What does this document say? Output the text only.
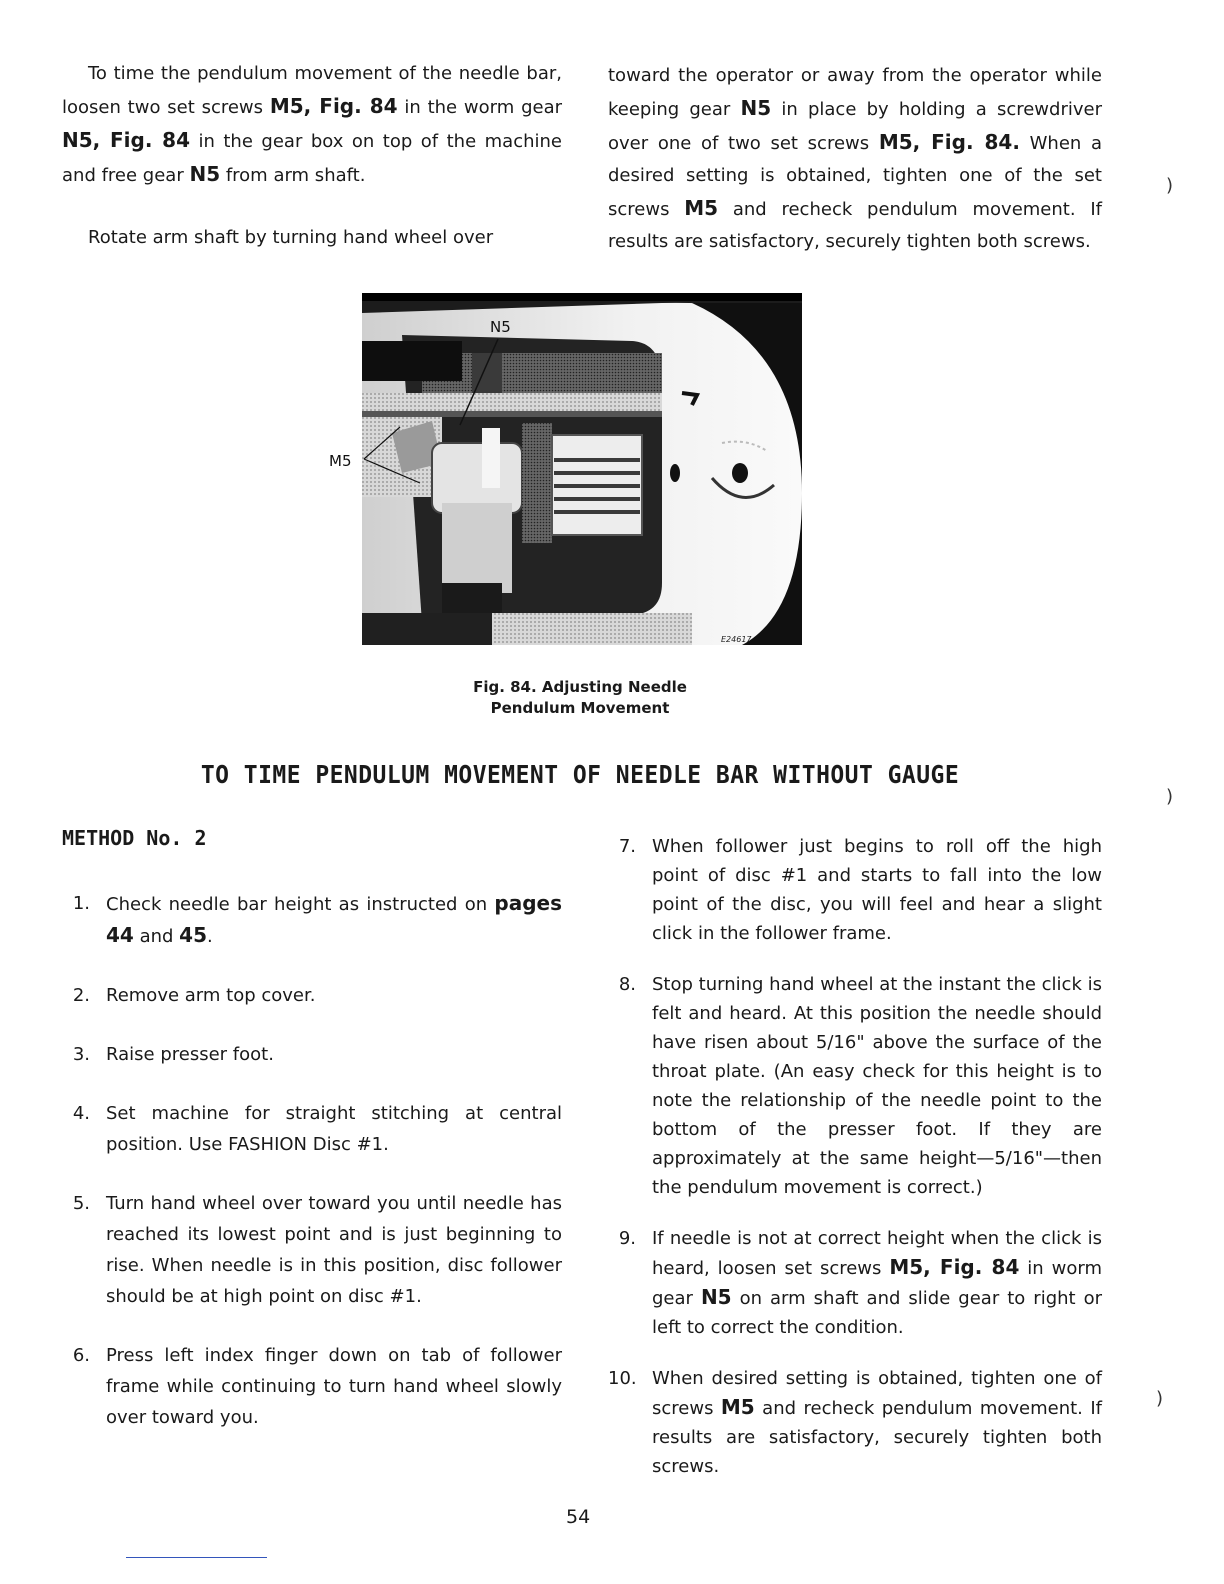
To time the pendulum movement of the needle bar, loosen two set screws M5, Fig. 84 in the worm gear N5, Fig. 84 in the gear box on top of the machine and free gear N5 from arm shaft.

Rotate arm shaft by turning hand wheel over

toward the operator or away from the operator while keeping gear N5 in place by holding a screwdriver over one of two set screws M5, Fig. 84. When a desired setting is obtained, tighten one of the set screws M5 and recheck pendulum movement. If results are satisfactory, securely tighten both screws.

N5
M5
E24617
Fig. 84. Adjusting Needle
Pendulum Movement
TO TIME PENDULUM MOVEMENT OF NEEDLE BAR WITHOUT GAUGE
METHOD No. 2
1. Check needle bar height as instructed on pages 44 and 45.
2. Remove arm top cover.
3. Raise presser foot.
4. Set machine for straight stitching at central position. Use FASHION Disc #1.
5. Turn hand wheel over toward you until needle has reached its lowest point and is just beginning to rise. When needle is in this position, disc follower should be at high point on disc #1.
6. Press left index finger down on tab of follower frame while continuing to turn hand wheel slowly over toward you.
7. When follower just begins to roll off the high point of disc #1 and starts to fall into the low point of the disc, you will feel and hear a slight click in the follower frame.
8. Stop turning hand wheel at the instant the click is felt and heard. At this position the needle should have risen about 5/16" above the surface of the throat plate. (An easy check for this height is to note the relationship of the needle point to the bottom of the presser foot. If they are approximately at the same height—5/16"—then the pendulum movement is correct.)
9. If needle is not at correct height when the click is heard, loosen set screws M5, Fig. 84 in worm gear N5 on arm shaft and slide gear to right or left to correct the condition.
10. When desired setting is obtained, tighten one of screws M5 and recheck pendulum movement. If results are satisfactory, securely tighten both screws.
54
)
)
)
